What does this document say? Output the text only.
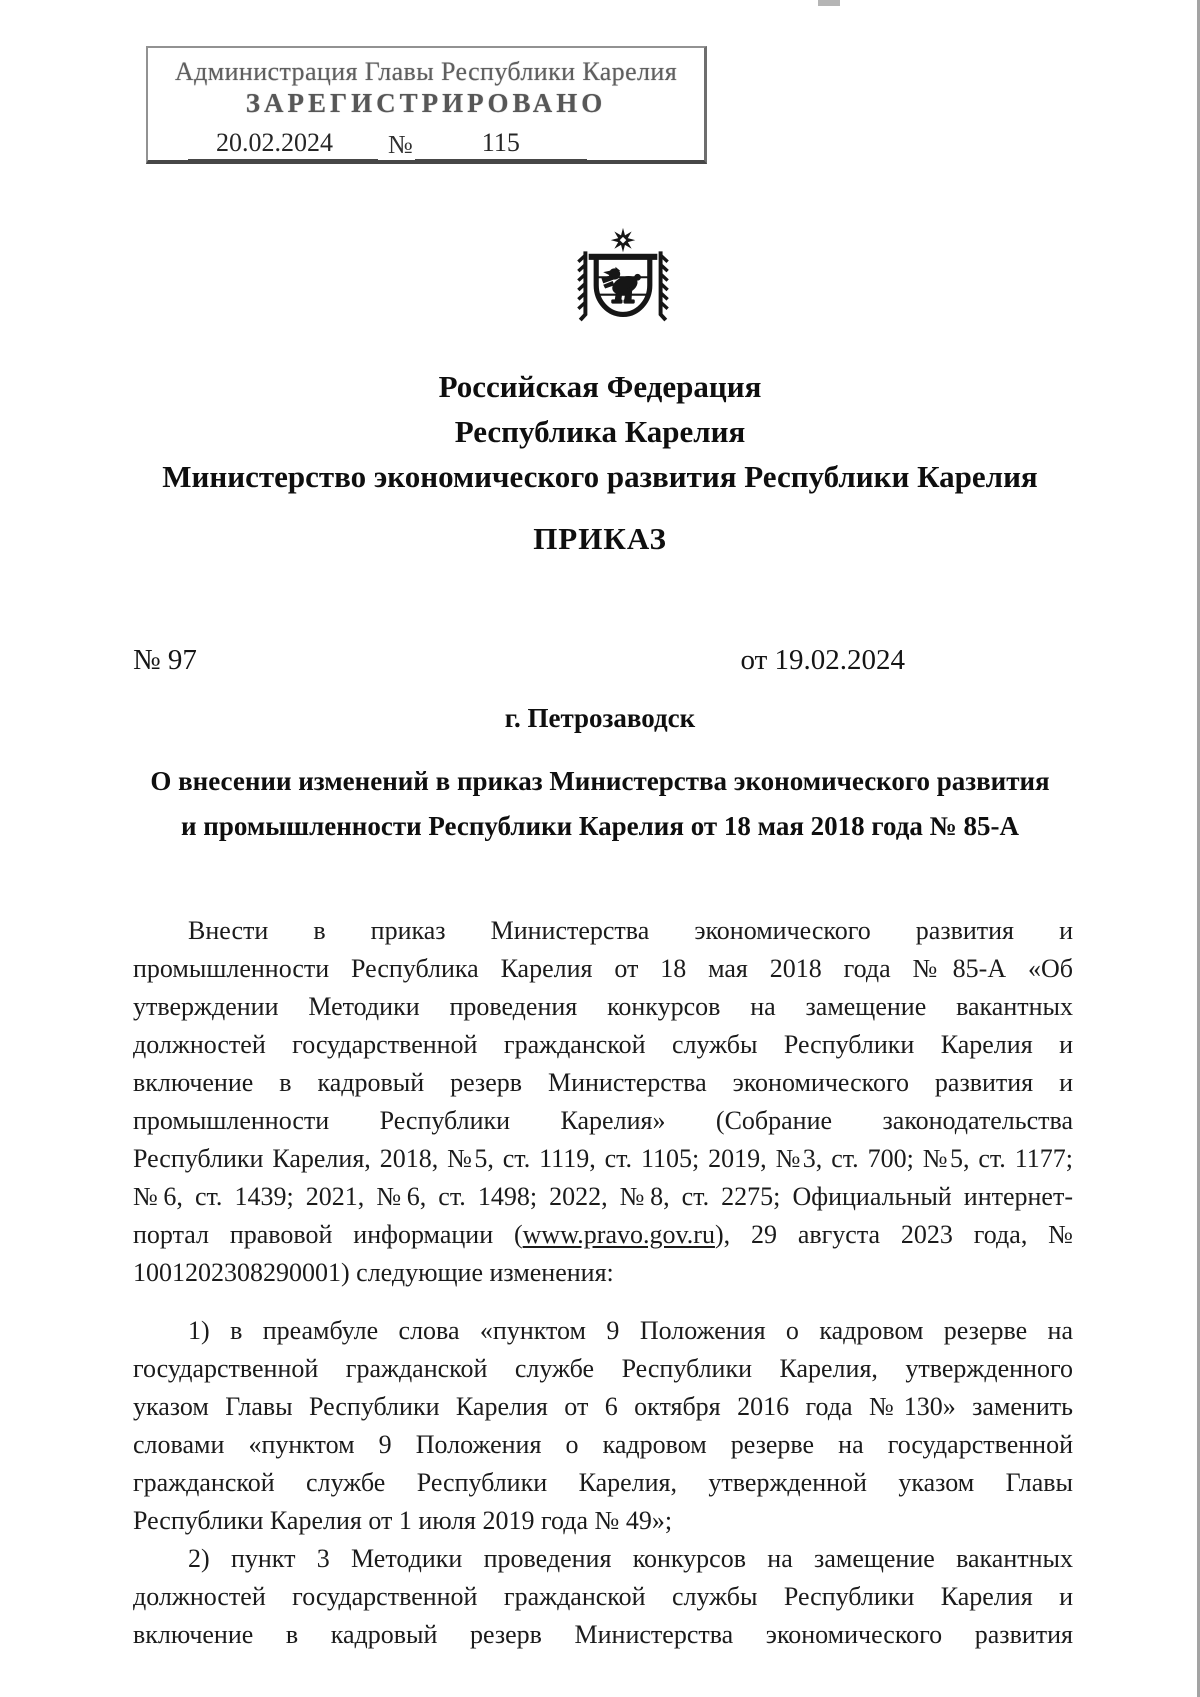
Администрация Главы Республики Карелия
ЗАРЕГИСТРИРОВАНО
20.02.2024	№	115
Российская Федерация
Республика Карелия
Министерство экономического развития Республики Карелия
ПРИКАЗ
№ 97	от 19.02.2024
г. Петрозаводск
О внесении изменений в приказ Министерства экономического развития
и промышленности Республики Карелия от 18 мая 2018 года № 85-А
Внести в приказ Министерства экономического развития и
промышленности Республика Карелия от 18 мая 2018 года №85-А «Об
утверждении Методики проведения конкурсов на замещение вакантных
должностей государственной гражданской службы Республики Карелия и
включение в кадровый резерв Министерства экономического развития и
промышленности Республики Карелия» (Собрание законодательства
Республики Карелия, 2018, №5, ст. 1119, ст. 1105; 2019, №3, ст. 700; №5, ст. 1177;
№6, ст. 1439; 2021, №6, ст. 1498; 2022, №8, ст. 2275; Официальный интернет-
портал правовой информации (www.pravo.gov.ru), 29 августа 2023 года, №
1001202308290001) следующие изменения:
1) в преамбуле слова «пунктом 9 Положения о кадровом резерве на
государственной гражданской службе Республики Карелия, утвержденного
указом Главы Республики Карелия от 6 октября 2016 года №130» заменить
словами «пунктом 9 Положения о кадровом резерве на государственной
гражданской службе Республики Карелия, утвержденной указом Главы
Республики Карелия от 1 июля 2019 года № 49»;
2) пункт 3 Методики проведения конкурсов на замещение вакантных
должностей государственной гражданской службы Республики Карелия и
включение в кадровый резерв Министерства экономического развития
